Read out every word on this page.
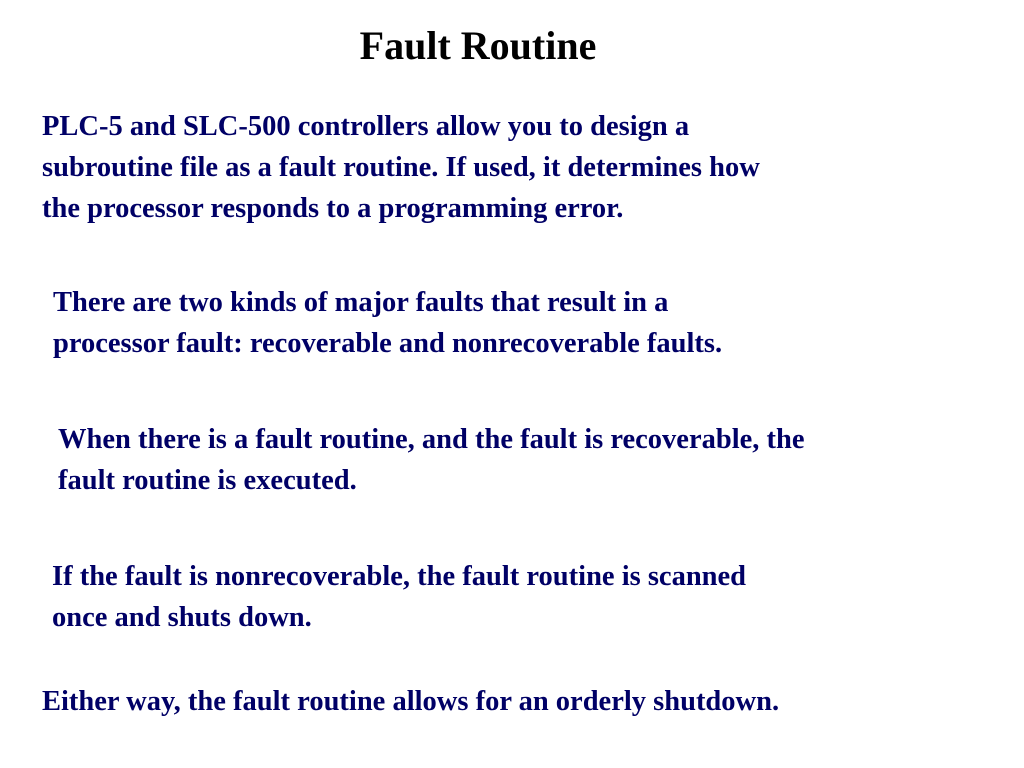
Fault Routine

PLC-5 and SLC-500 controllers allow you to design a
subroutine file as a fault routine. If used, it determines how
the processor responds to a programming error.

There are two kinds of major faults that result in a
processor fault: recoverable and nonrecoverable faults.

When there is a fault routine, and the fault is recoverable, the
fault routine is executed.

If the fault is nonrecoverable, the fault routine is scanned
once and shuts down.

Either way, the fault routine allows for an orderly shutdown.
